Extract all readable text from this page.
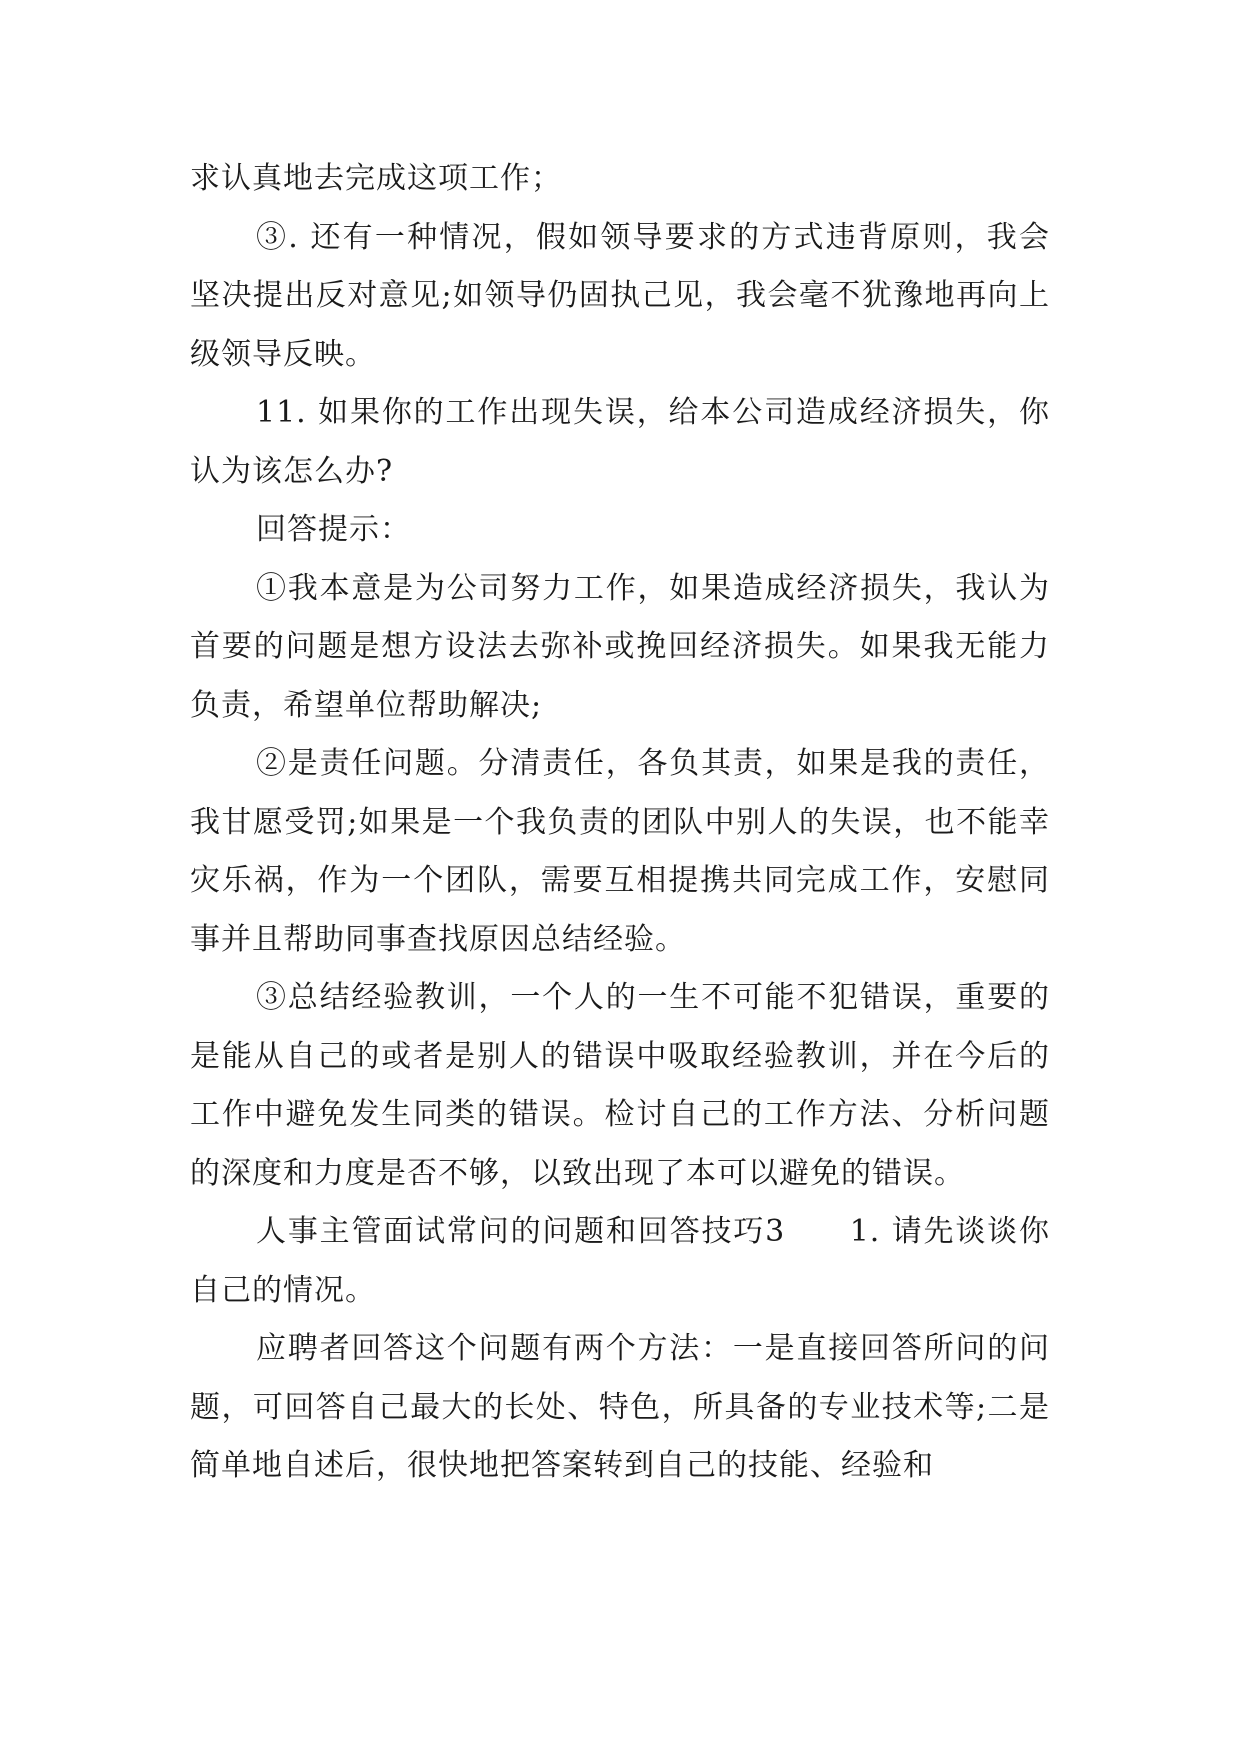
求认真地去完成这项工作；

③. 还有一种情况，假如领导要求的方式违背原则，我会坚决提出反对意见;如领导仍固执己见，我会毫不犹豫地再向上级领导反映。

11. 如果你的工作出现失误，给本公司造成经济损失，你认为该怎么办?

回答提示：

①我本意是为公司努力工作，如果造成经济损失，我认为首要的问题是想方设法去弥补或挽回经济损失。如果我无能力负责，希望单位帮助解决;

②是责任问题。分清责任，各负其责，如果是我的责任，我甘愿受罚;如果是一个我负责的团队中别人的失误，也不能幸灾乐祸，作为一个团队，需要互相提携共同完成工作，安慰同事并且帮助同事查找原因总结经验。

③总结经验教训，一个人的一生不可能不犯错误，重要的是能从自己的或者是别人的错误中吸取经验教训，并在今后的工作中避免发生同类的错误。检讨自己的工作方法、分析问题的深度和力度是否不够，以致出现了本可以避免的错误。

人事主管面试常问的问题和回答技巧3　　1. 请先谈谈你自己的情况。

应聘者回答这个问题有两个方法：一是直接回答所问的问题，可回答自己最大的长处、特色，所具备的专业技术等;二是简单地自述后，很快地把答案转到自己的技能、经验和
